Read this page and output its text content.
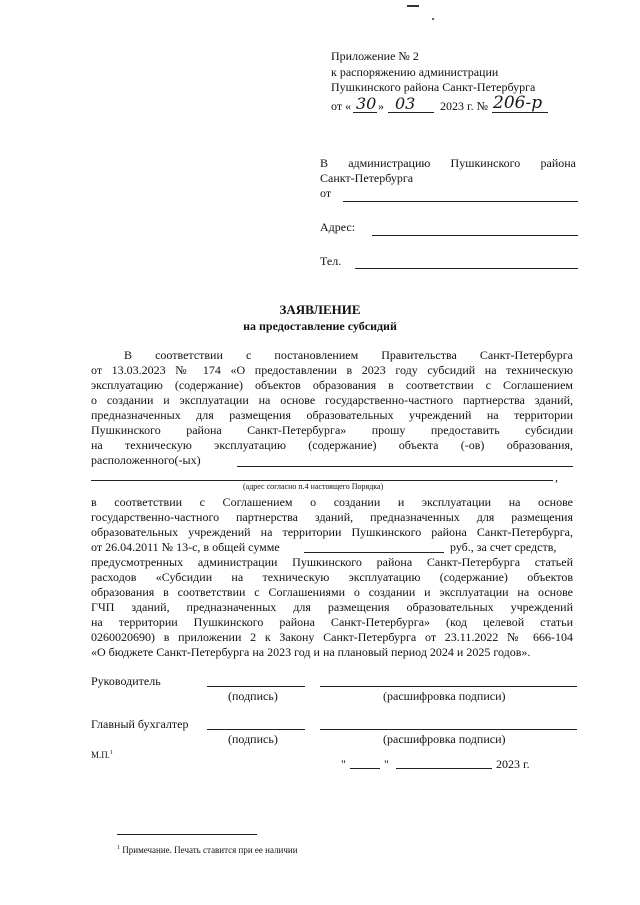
Приложение № 2
к распоряжению администрации
Пушкинского района Санкт-Петербурга
от « 30 » 03 2023 г. № 206-р
В администрацию Пушкинского района
Санкт-Петербурга
от
Адрес:
Тел.
ЗАЯВЛЕНИЕ
на предоставление субсидий
В соответствии с постановлением Правительства Санкт-Петербурга
от 13.03.2023 № 174 «О предоставлении в 2023 году субсидий на техническую
эксплуатацию (содержание) объектов образования в соответствии с Соглашением
о создании и эксплуатации на основе государственно-частного партнерства зданий,
предназначенных для размещения образовательных учреждений на территории
Пушкинского района Санкт-Петербурга» прошу предоставить субсидии
на техническую эксплуатацию (содержание) объекта (-ов) образования,
расположенного(-ых)
,
(адрес согласно п.4 настоящего Порядка)
в соответствии с Соглашением о создании и эксплуатации на основе
государственно-частного партнерства зданий, предназначенных для размещения
образовательных учреждений на территории Пушкинского района Санкт-Петербурга,
от 26.04.2011 № 13-с, в общей сумме	руб., за счет средств,
предусмотренных администрации Пушкинского района Санкт-Петербурга статьей
расходов «Субсидии на техническую эксплуатацию (содержание) объектов
образования в соответствии с Соглашениями о создании и эксплуатации на основе
ГЧП зданий, предназначенных для размещения образовательных учреждений
на территории Пушкинского района Санкт-Петербурга» (код целевой статьи
0260020690) в приложении 2 к Закону Санкт-Петербурга от 23.11.2022 № 666-104
«О бюджете Санкт-Петербурга на 2023 год и на плановый период 2024 и 2025 годов».
Руководитель
(подпись)	(расшифровка подписи)
Главный бухгалтер
(подпись)	(расшифровка подписи)
М.П.$^1$
"	"	2023 г.
$^1$ Примечание. Печать ставится при ее наличии
